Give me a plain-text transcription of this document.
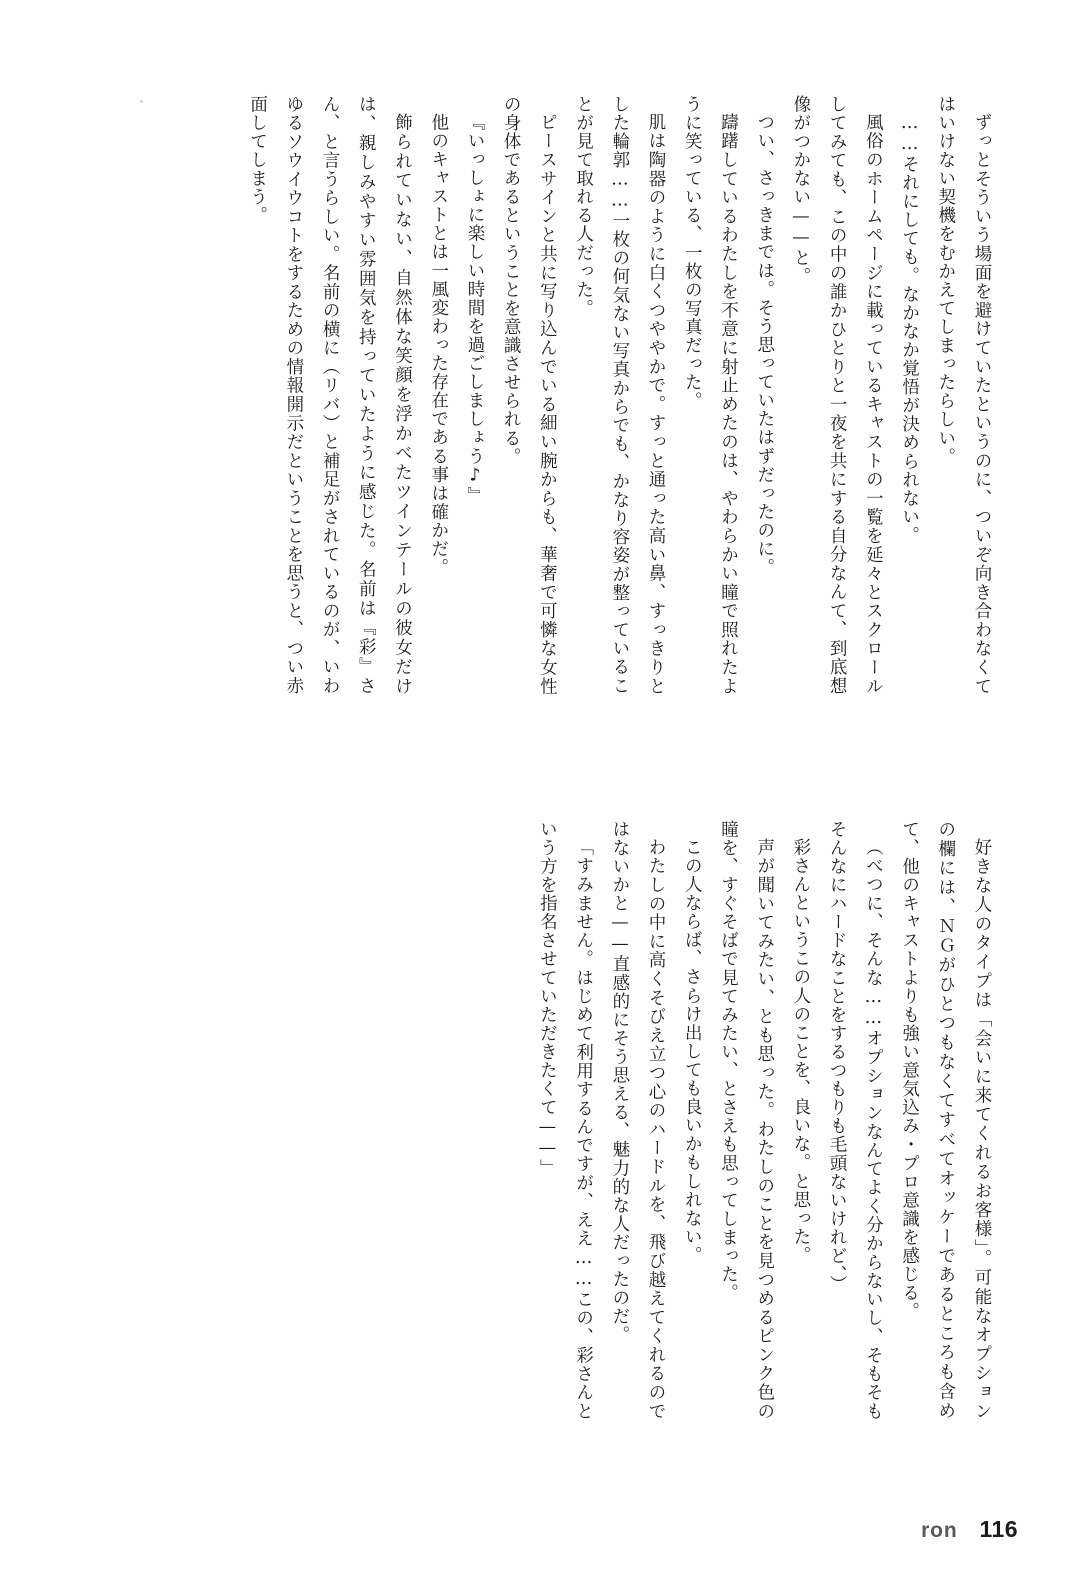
ずっとそういう場面を避けていたというのに、ついぞ向き合わなくてはいけない契機をむかえてしまったらしい。

……それにしても。なかなか覚悟が決められない。

風俗のホームページに載っているキャストの一覧を延々とスクロールしてみても、この中の誰かひとりと一夜を共にする自分なんて、到底想像がつかない——と。

つい、さっきまでは。そう思っていたはずだったのに。

躊躇しているわたしを不意に射止めたのは、やわらかい瞳で照れたように笑っている、一枚の写真だった。

肌は陶器のように白くつややかで。すっと通った高い鼻、すっきりとした輪郭……一枚の何気ない写真からでも、かなり容姿が整っていることが見て取れる人だった。

ピースサインと共に写り込んでいる細い腕からも、華奢で可憐な女性の身体であるということを意識させられる。

『いっしょに楽しい時間を過ごしましょう♪』

他のキャストとは一風変わった存在である事は確かだ。

飾られていない、自然体な笑顔を浮かべたツインテールの彼女だけは、親しみやすい雰囲気を持っていたように感じた。名前は『彩』さん、と言うらしい。名前の横に（リバ）と補足がされているのが、いわゆるソウイウコトをするための情報開示だということを思うと、つい赤面してしまう。

好きな人のタイプは「会いに来てくれるお客様」。可能なオプションの欄には、ＮＧがひとつもなくてすべてオッケーであるところも含めて、他のキャストよりも強い意気込み・プロ意識を感じる。

（べつに、そんな……オプションなんてよく分からないし、そもそもそんなにハードなことをするつもりも毛頭ないけれど、）

彩さんというこの人のことを、良いな。と思った。

声が聞いてみたい、とも思った。わたしのことを見つめるピンク色の瞳を、すぐそばで見てみたい、とさえも思ってしまった。

この人ならば、さらけ出しても良いかもしれない。

わたしの中に高くそびえ立つ心のハードルを、飛び越えてくれるのではないかと——直感的にそう思える、魅力的な人だったのだ。

「すみません。はじめて利用するんですが、ええ……この、彩さんという方を指名させていただきたくて——」

ron 116
